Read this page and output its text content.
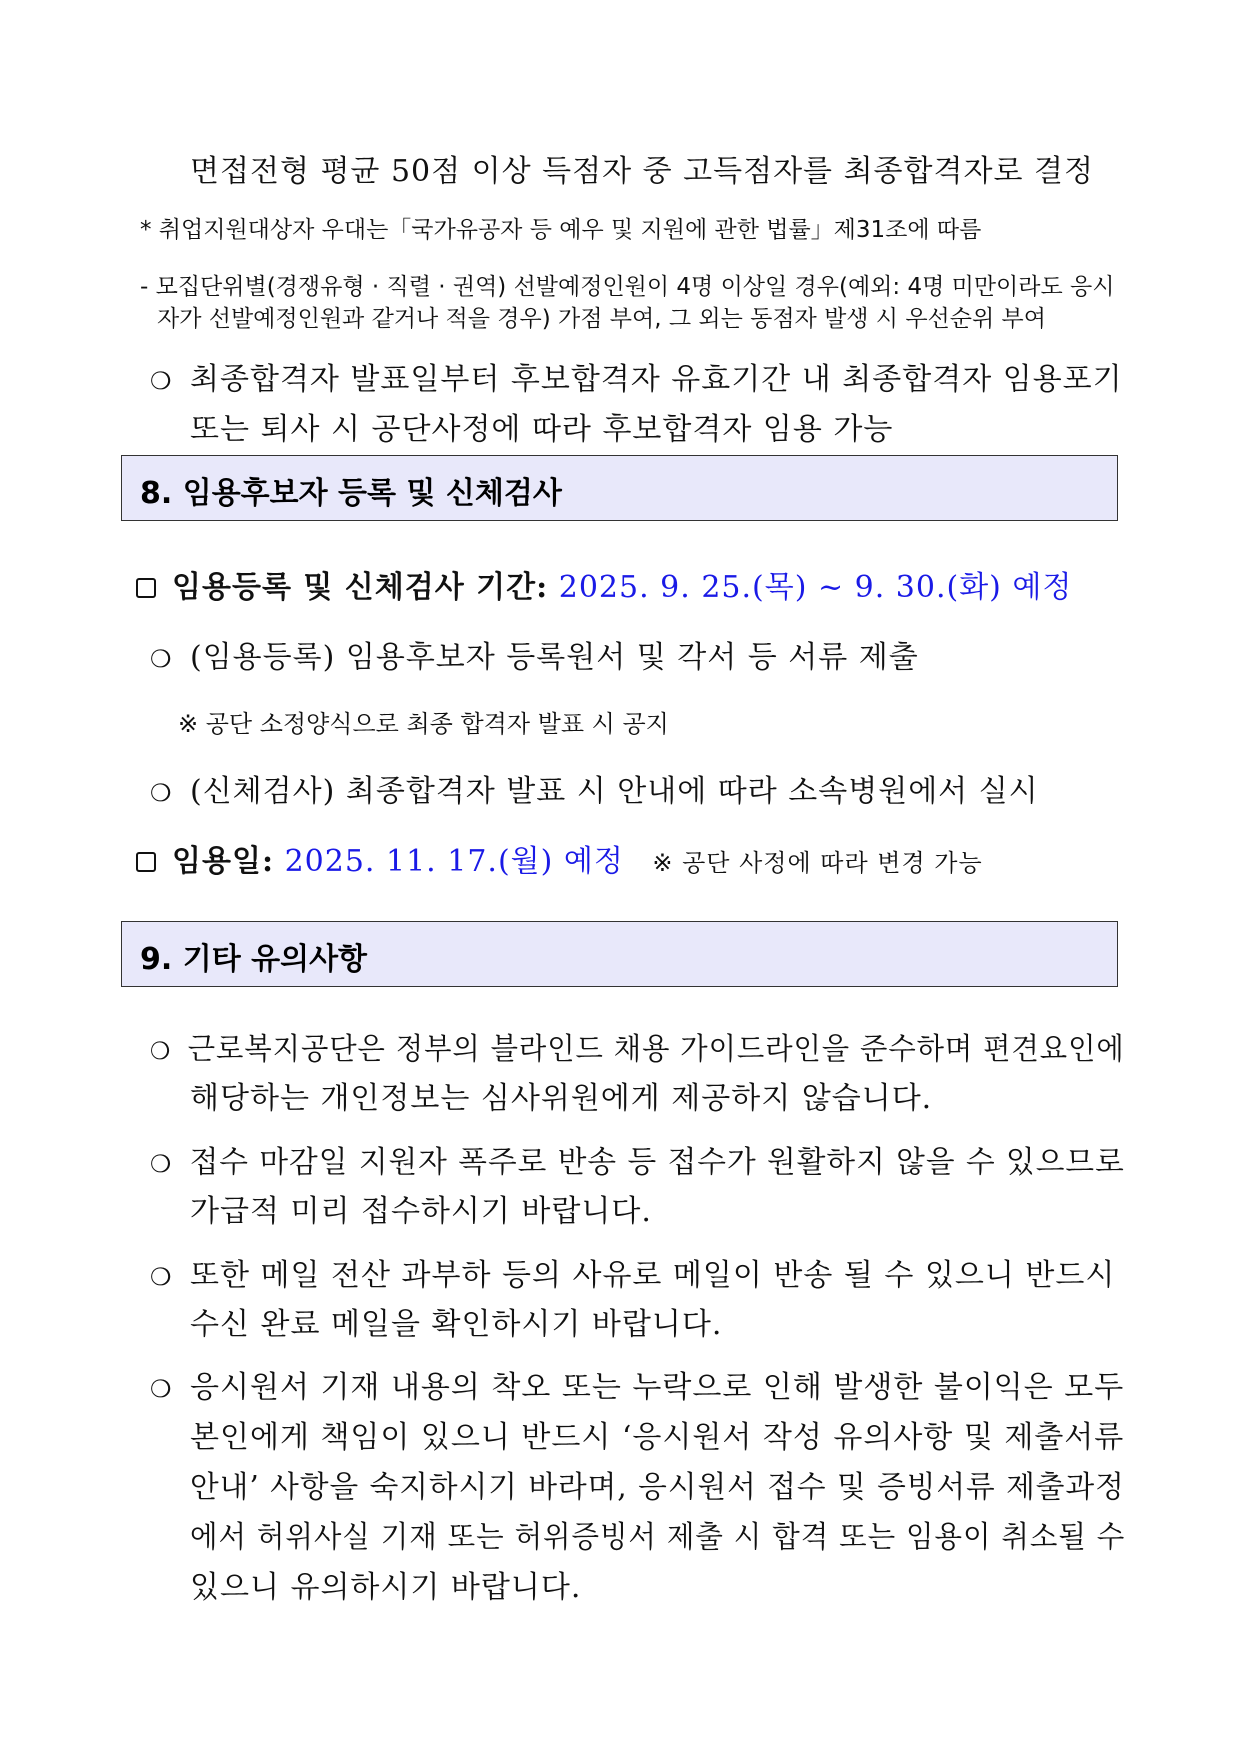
면접전형 평균 50점 이상 득점자 중 고득점자를 최종합격자로 결정
* 취업지원대상자 우대는「국가유공자 등 예우 및 지원에 관한 법률」제31조에 따름
- 모집단위별(경쟁유형 · 직렬 · 권역) 선발예정인원이 4명 이상일 경우(예외: 4명 미만이라도 응시
자가 선발예정인원과 같거나 적을 경우) 가점 부여, 그 외는 동점자 발생 시 우선순위 부여
❍ 최종합격자 발표일부터 후보합격자 유효기간 내 최종합격자 임용포기
또는 퇴사 시 공단사정에 따라 후보합격자 임용 가능
8. 임용후보자 등록 및 신체검사
임용등록 및 신체검사 기간: 2025. 9. 25.(목) ~ 9. 30.(화) 예정
❍ (임용등록) 임용후보자 등록원서 및 각서 등 서류 제출
※ 공단 소정양식으로 최종 합격자 발표 시 공지
❍ (신체검사) 최종합격자 발표 시 안내에 따라 소속병원에서 실시
임용일: 2025. 11. 17.(월) 예정 ※ 공단 사정에 따라 변경 가능
9. 기타 유의사항
❍ 근로복지공단은 정부의 블라인드 채용 가이드라인을 준수하며 편견요인에
해당하는 개인정보는 심사위원에게 제공하지 않습니다.
❍ 접수 마감일 지원자 폭주로 반송 등 접수가 원활하지 않을 수 있으므로
가급적 미리 접수하시기 바랍니다.
❍ 또한 메일 전산 과부하 등의 사유로 메일이 반송 될 수 있으니 반드시
수신 완료 메일을 확인하시기 바랍니다.
❍ 응시원서 기재 내용의 착오 또는 누락으로 인해 발생한 불이익은 모두
본인에게 책임이 있으니 반드시 ‘응시원서 작성 유의사항 및 제출서류
안내’ 사항을 숙지하시기 바라며, 응시원서 접수 및 증빙서류 제출과정
에서 허위사실 기재 또는 허위증빙서 제출 시 합격 또는 임용이 취소될 수
있으니 유의하시기 바랍니다.
